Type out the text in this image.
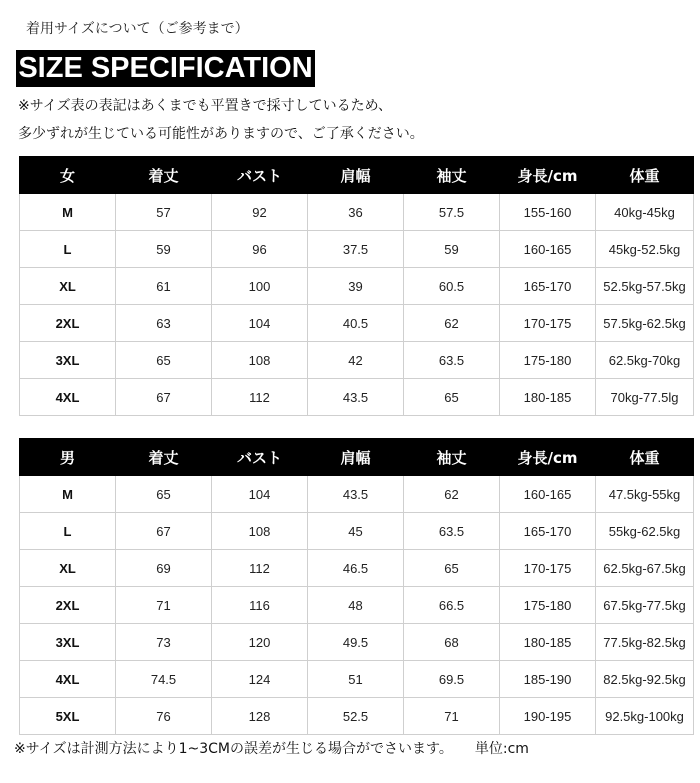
着用サイズについて（ご参考まで）
SIZE SPECIFICATION
※サイズ表の表記はあくまでも平置きで採寸しているため、
多少ずれが生じている可能性がありますので、ご了承ください。
女	着丈	バスト	肩幅	袖丈	身長/cm	体重
M	57	92	36	57.5	155-160	40kg-45kg
L	59	96	37.5	59	160-165	45kg-52.5kg
XL	61	100	39	60.5	165-170	52.5kg-57.5kg
2XL	63	104	40.5	62	170-175	57.5kg-62.5kg
3XL	65	108	42	63.5	175-180	62.5kg-70kg
4XL	67	112	43.5	65	180-185	70kg-77.5lg
男	着丈	バスト	肩幅	袖丈	身長/cm	体重
M	65	104	43.5	62	160-165	47.5kg-55kg
L	67	108	45	63.5	165-170	55kg-62.5kg
XL	69	112	46.5	65	170-175	62.5kg-67.5kg
2XL	71	116	48	66.5	175-180	67.5kg-77.5kg
3XL	73	120	49.5	68	180-185	77.5kg-82.5kg
4XL	74.5	124	51	69.5	185-190	82.5kg-92.5kg
5XL	76	128	52.5	71	190-195	92.5kg-100kg
※サイズは計測方法により1~3CMの誤差が生じる場合がでさいます。 単位:cm
